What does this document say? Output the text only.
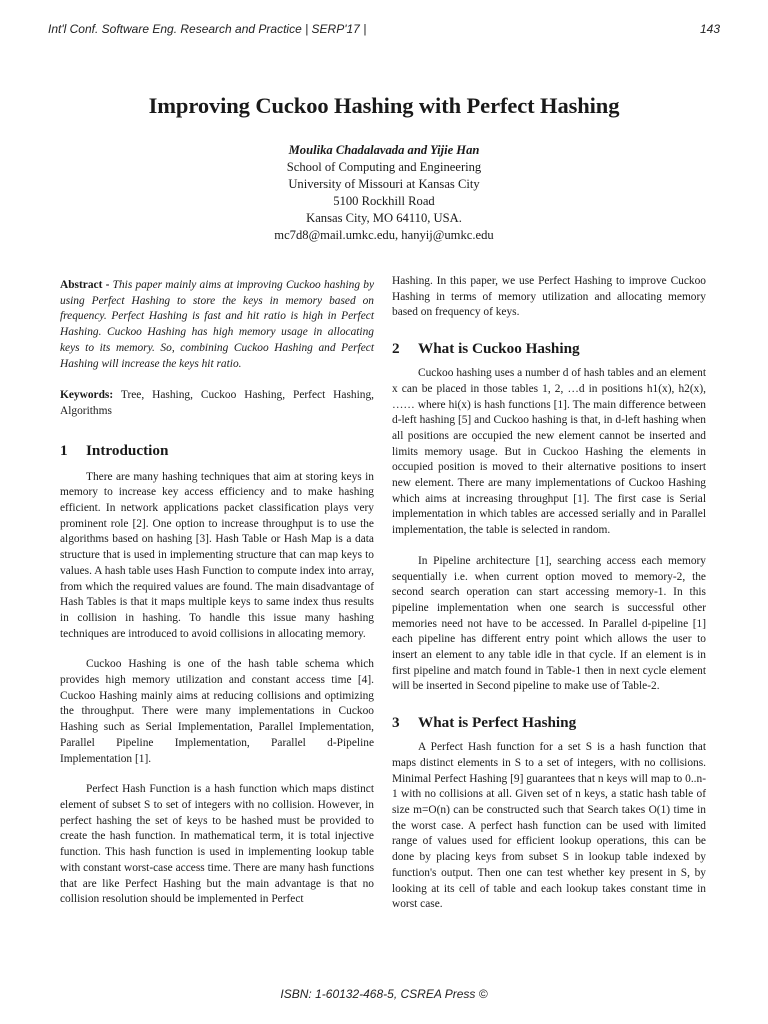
Int'l Conf. Software Eng. Research and Practice | SERP'17 |	143
Improving Cuckoo Hashing with Perfect Hashing
Moulika Chadalavada and Yijie Han
School of Computing and Engineering
University of Missouri at Kansas City
5100 Rockhill Road
Kansas City, MO 64110, USA.
mc7d8@mail.umkc.edu, hanyij@umkc.edu

Abstract - This paper mainly aims at improving Cuckoo hashing by using Perfect Hashing to store the keys in memory based on frequency. Perfect Hashing is fast and hit ratio is high in Perfect Hashing. Cuckoo Hashing has high memory usage in allocating keys to its memory. So, combining Cuckoo Hashing and Perfect Hashing will increase the keys hit ratio.

Keywords: Tree, Hashing, Cuckoo Hashing, Perfect Hashing, Algorithms

1 Introduction

There are many hashing techniques that aim at storing keys in memory to increase key access efficiency and to make hashing efficient. In network applications packet classification plays very prominent role [2]. One option to increase throughput is to use the algorithms based on hashing [3]. Hash Table or Hash Map is a data structure that is used in implementing structure that can map keys to values. A hash table uses Hash Function to compute index into array, from which the required values are found. The main disadvantage of Hash Tables is that it maps multiple keys to same index thus results in collision in hashing. To handle this issue many hashing techniques are introduced to avoid collisions in allocating memory.

Cuckoo Hashing is one of the hash table schema which provides high memory utilization and constant access time [4]. Cuckoo Hashing mainly aims at reducing collisions and optimizing the throughput. There were many implementations in Cuckoo Hashing such as Serial Implementation, Parallel Implementation, Parallel Pipeline Implementation, Parallel d-Pipeline Implementation [1].

Perfect Hash Function is a hash function which maps distinct element of subset S to set of integers with no collision. However, in perfect hashing the set of keys to be hashed must be provided to create the hash function. In mathematical term, it is total injective function. This hash function is used in implementing lookup table with constant worst-case access time. There are many hash functions that are like Perfect Hashing but the main advantage is that no collision resolution should be implemented in Perfect

Hashing. In this paper, we use Perfect Hashing to improve Cuckoo Hashing in terms of memory utilization and allocating memory based on frequency of keys.

2 What is Cuckoo Hashing

Cuckoo hashing uses a number d of hash tables and an element x can be placed in those tables 1, 2, …d in positions h1(x), h2(x), …… where hi(x) is hash functions [1]. The main difference between d-left hashing [5] and Cuckoo hashing is that, in d-left hashing when all positions are occupied the new element cannot be inserted and limits memory usage. But in Cuckoo Hashing the elements in occupied position is moved to their alternative positions to insert new element. There are many implementations of Cuckoo Hashing which aims at increasing throughput [1]. The first case is Serial implementation in which tables are accessed serially and in Parallel implementation, the table is selected in random.

In Pipeline architecture [1], searching access each memory sequentially i.e. when current option moved to memory-2, the second search operation can start accessing memory-1. In this pipeline implementation when one search is successful other memories need not have to be accessed. In Parallel d-pipeline [1] each pipeline has different entry point which allows the user to insert an element to any table idle in that cycle. If an element is in first pipeline and match found in Table-1 then in next cycle element will be inserted in Second pipeline to make use of Table-2.

3 What is Perfect Hashing

A Perfect Hash function for a set S is a hash function that maps distinct elements in S to a set of integers, with no collisions. Minimal Perfect Hashing [9] guarantees that n keys will map to 0..n-1 with no collisions at all. Given set of n keys, a static hash table of size m=O(n) can be constructed such that Search takes O(1) time in the worst case. A perfect hash function can be used with limited range of values used for efficient lookup operations, this can be done by placing keys from subset S in lookup table indexed by function's output. Then one can test whether key present in S, by looking at its cell of table and each lookup takes constant time in worst case.

ISBN: 1-60132-468-5, CSREA Press ©
